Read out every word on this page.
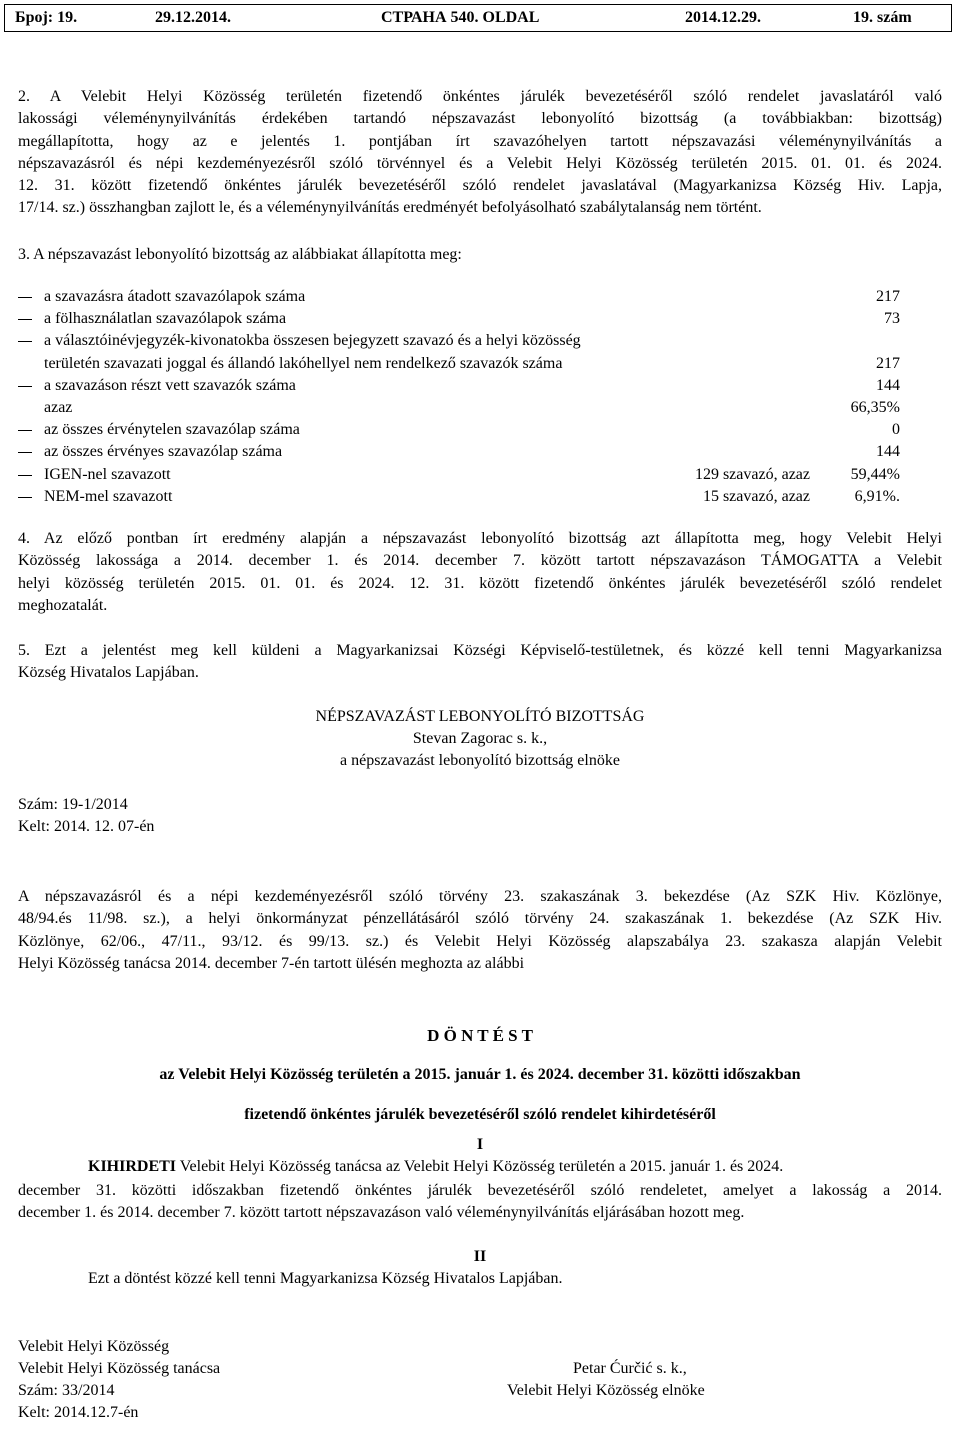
Број: 19.	29.12.2014.	СТРАНА 540. OLDAL	2014.12.29.	19. szám
2. A Velebit Helyi Közösség területén fizetendő önkéntes járulék bevezetéséről szóló rendelet javaslatáról való
lakossági véleménynyilvánítás érdekében tartandó népszavazást lebonyolító bizottság (a továbbiakban: bizottság)
megállapította, hogy az e jelentés 1. pontjában írt szavazóhelyen tartott népszavazási véleménynyilvánítás a
népszavazásról és népi kezdeményezésről szóló törvénnyel és a Velebit Helyi Közösség területén 2015. 01. 01. és 2024.
12. 31. között fizetendő önkéntes járulék bevezetéséről szóló rendelet javaslatával (Magyarkanizsa Község Hiv. Lapja,
17/14. sz.) összhangban zajlott le, és a véleménynyilvánítás eredményét befolyásolható szabálytalanság nem történt.
3. A népszavazást lebonyolító bizottság az alábbiakat állapította meg:
a szavazásra átadott szavazólapok száma	217
a fölhasználatlan szavazólapok száma	73
a választóinévjegyzék-kivonatokba összesen bejegyzett szavazó és a helyi közösség
területén szavazati joggal és állandó lakóhellyel nem rendelkező szavazók száma	217
a szavazáson részt vett szavazók száma	144
azaz	66,35%
az összes érvénytelen szavazólap száma	0
az összes érvényes szavazólap száma	144
IGEN-nel szavazott	129 szavazó, azaz	59,44%
NEM-mel szavazott	15 szavazó, azaz	6,91%.
4. Az előző pontban írt eredmény alapján a népszavazást lebonyolító bizottság azt állapította meg, hogy Velebit Helyi
Közösség lakossága a 2014. december 1. és 2014. december 7. között tartott népszavazáson TÁMOGATTA a Velebit
helyi közösség területén 2015. 01. 01. és 2024. 12. 31. között fizetendő önkéntes járulék bevezetéséről szóló rendelet
meghozatalát.
5. Ezt a jelentést meg kell küldeni a Magyarkanizsai Községi Képviselő-testületnek, és közzé kell tenni Magyarkanizsa
Község Hivatalos Lapjában.
NÉPSZAVAZÁST LEBONYOLÍTÓ BIZOTTSÁG
Stevan Zagorac s. k.,
a népszavazást lebonyolító bizottság elnöke
Szám: 19-1/2014
Kelt: 2014. 12. 07-én
A népszavazásról és a népi kezdeményezésről szóló törvény 23. szakaszának 3. bekezdése (Az SZK Hiv. Közlönye,
48/94.és 11/98. sz.), a helyi önkormányzat pénzellátásáról szóló törvény 24. szakaszának 1. bekezdése (Az SZK Hiv.
Közlönye, 62/06., 47/11., 93/12. és 99/13. sz.) és Velebit Helyi Közösség alapszabálya 23. szakasza alapján Velebit
Helyi Közösség tanácsa 2014. december 7-én tartott ülésén meghozta az alábbi
D Ö N T É S T
az Velebit Helyi Közösség területén a 2015. január 1. és 2024. december 31. közötti időszakban
fizetendő önkéntes járulék bevezetéséről szóló rendelet kihirdetéséről
I
KIHIRDETI Velebit Helyi Közösség tanácsa az Velebit Helyi Közösség területén a 2015. január 1. és 2024.
december 31. közötti időszakban fizetendő önkéntes járulék bevezetéséről szóló rendeletet, amelyet a lakosság a 2014.
december 1. és 2014. december 7. között tartott népszavazáson való véleménynyilvánítás eljárásában hozott meg.
II
Ezt a döntést közzé kell tenni Magyarkanizsa Község Hivatalos Lapjában.
Velebit Helyi Közösség
Velebit Helyi Közösség tanácsa
Szám: 33/2014
Kelt: 2014.12.7-én
Petar Ćurčić s. k.,
Velebit Helyi Közösség elnöke
